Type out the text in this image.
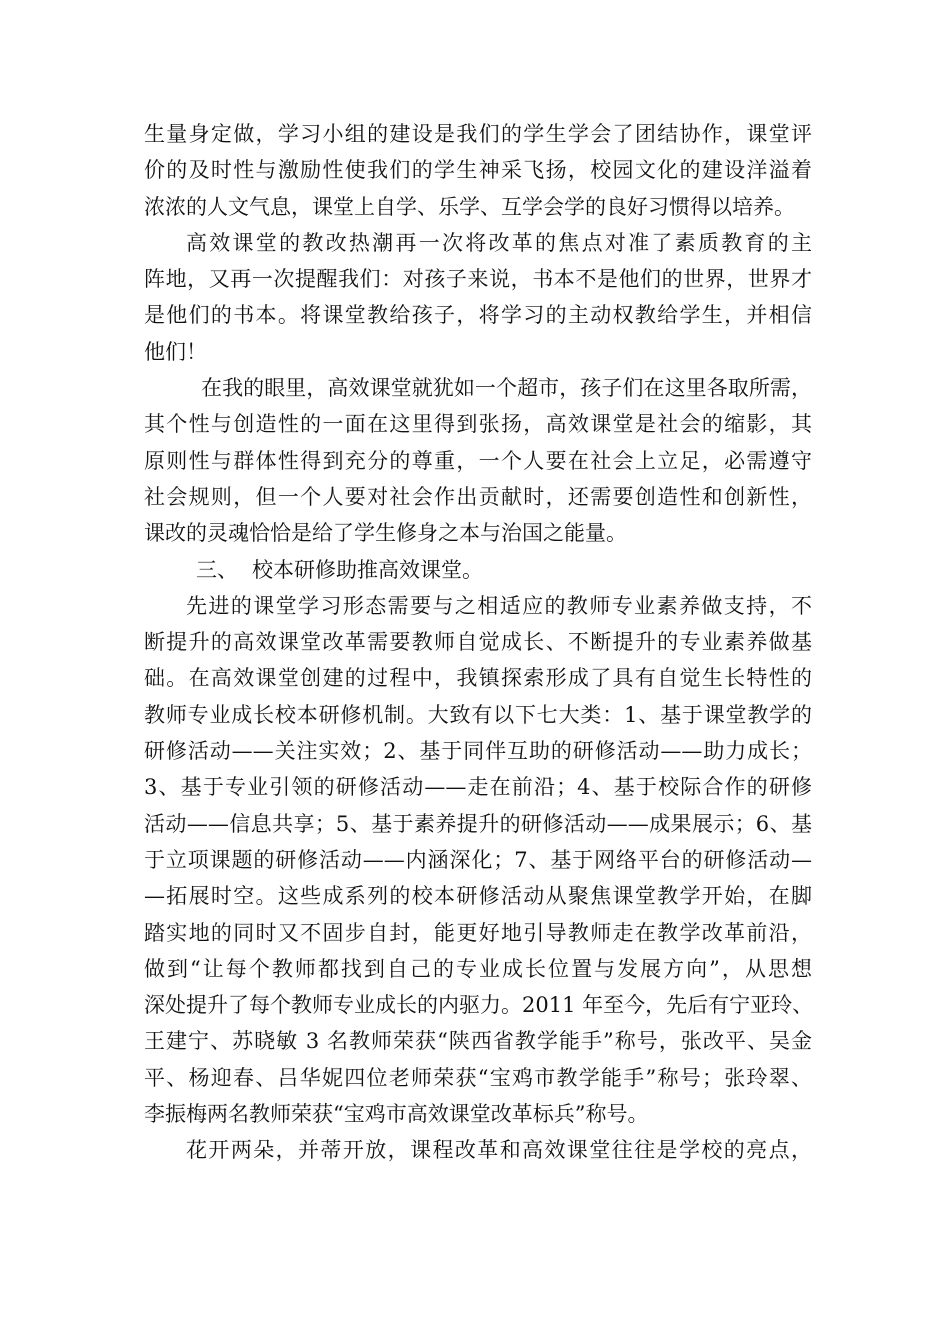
生量身定做，学习小组的建设是我们的学生学会了团结协作，课堂评
价的及时性与激励性使我们的学生神采飞扬，校园文化的建设洋溢着
浓浓的人文气息，课堂上自学、乐学、互学会学的良好习惯得以培养。
高效课堂的教改热潮再一次将改革的焦点对准了素质教育的主
阵地，又再一次提醒我们：对孩子来说，书本不是他们的世界，世界才
是他们的书本。将课堂教给孩子，将学习的主动权教给学生，并相信
他们！
在我的眼里，高效课堂就犹如一个超市，孩子们在这里各取所需，
其个性与创造性的一面在这里得到张扬，高效课堂是社会的缩影，其
原则性与群体性得到充分的尊重，一个人要在社会上立足，必需遵守
社会规则，但一个人要对社会作出贡献时，还需要创造性和创新性，
课改的灵魂恰恰是给了学生修身之本与治国之能量。
三、 校本研修助推高效课堂。
先进的课堂学习形态需要与之相适应的教师专业素养做支持，不
断提升的高效课堂改革需要教师自觉成长、不断提升的专业素养做基
础。在高效课堂创建的过程中，我镇探索形成了具有自觉生长特性的
教师专业成长校本研修机制。大致有以下七大类：1、基于课堂教学的
研修活动——关注实效；2、基于同伴互助的研修活动——助力成长；
3、基于专业引领的研修活动——走在前沿；4、基于校际合作的研修
活动——信息共享；5、基于素养提升的研修活动——成果展示；6、基
于立项课题的研修活动——内涵深化；7、基于网络平台的研修活动—
—拓展时空。这些成系列的校本研修活动从聚焦课堂教学开始，在脚
踏实地的同时又不固步自封，能更好地引导教师走在教学改革前沿，
做到“让每个教师都找到自己的专业成长位置与发展方向”，从思想
深处提升了每个教师专业成长的内驱力。2011 年至今，先后有宁亚玲、
王建宁、苏晓敏 3 名教师荣获“陕西省教学能手”称号，张改平、吴金
平、杨迎春、吕华妮四位老师荣获“宝鸡市教学能手”称号；张玲翠、
李振梅两名教师荣获“宝鸡市高效课堂改革标兵”称号。
花开两朵，并蒂开放，课程改革和高效课堂往往是学校的亮点，
